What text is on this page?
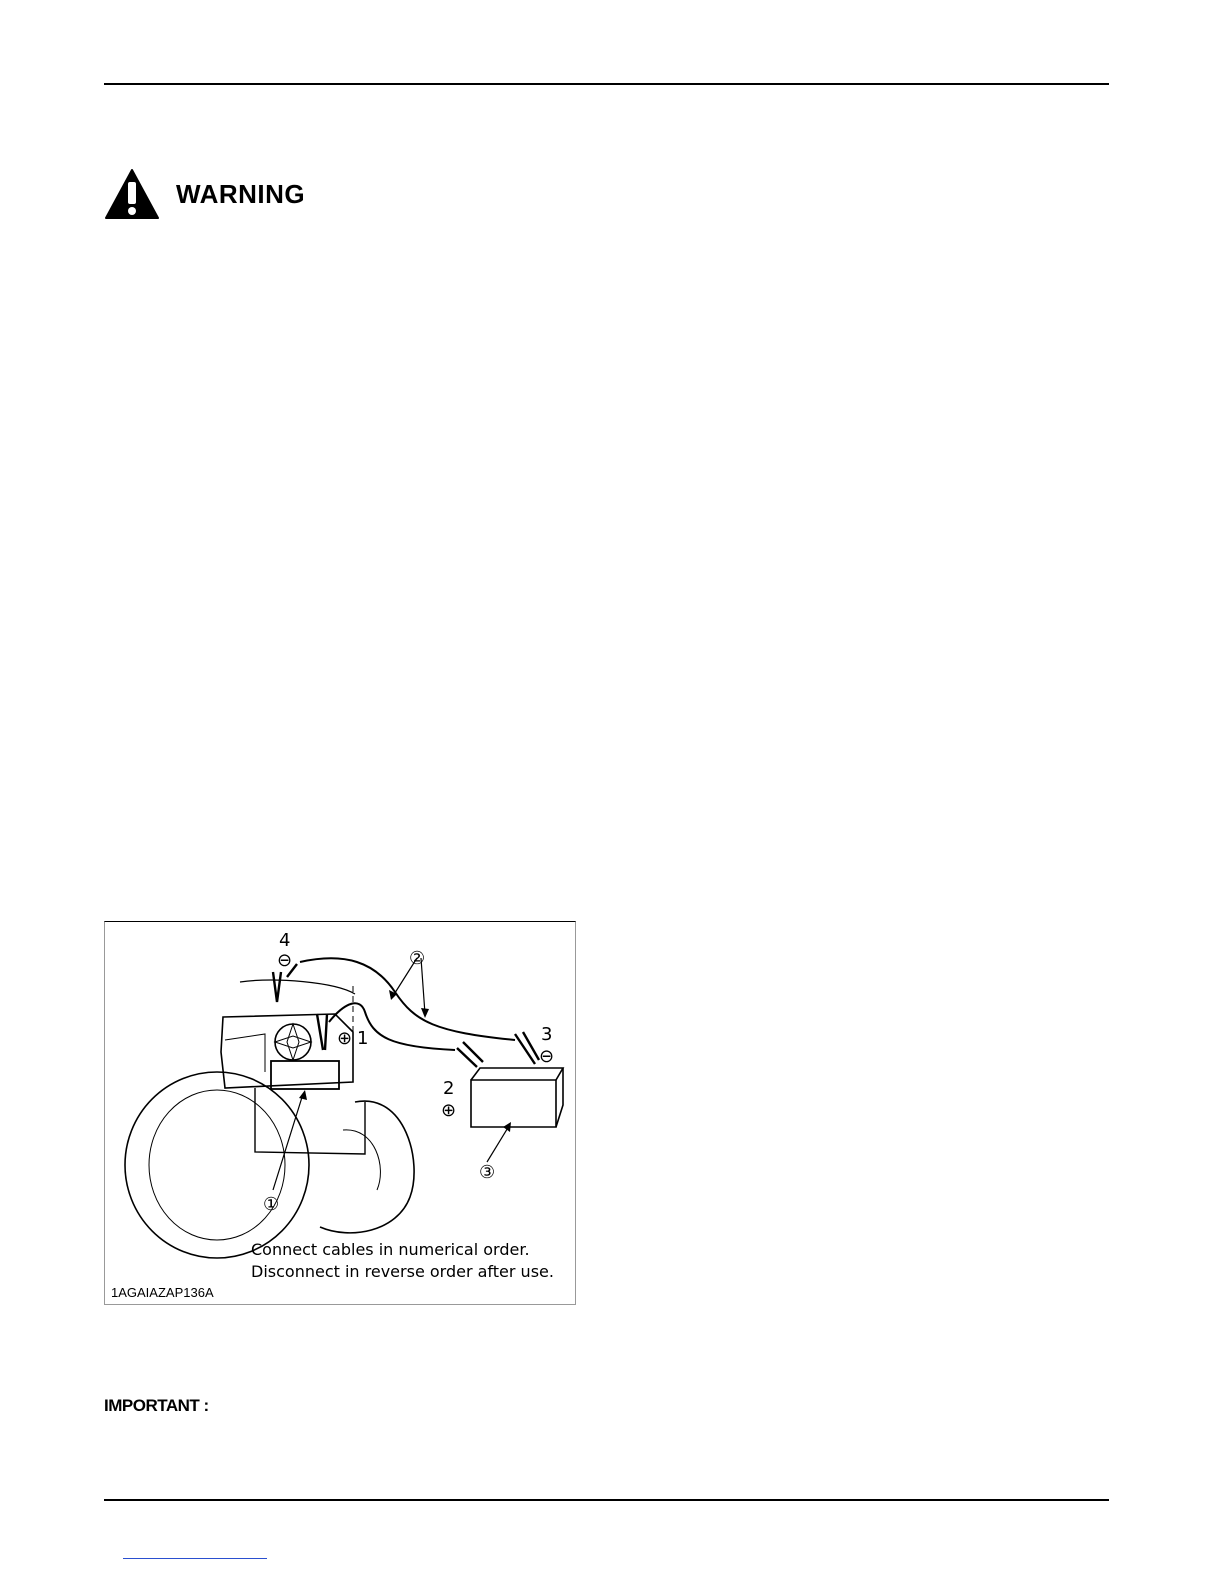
WARNING
4
⊖	②
⊕ 1	3
⊖
2
⊕
③
①
Connect cables in numerical order.
Disconnect in reverse order after use.
1AGAIAZAP136A
IMPORTANT :
